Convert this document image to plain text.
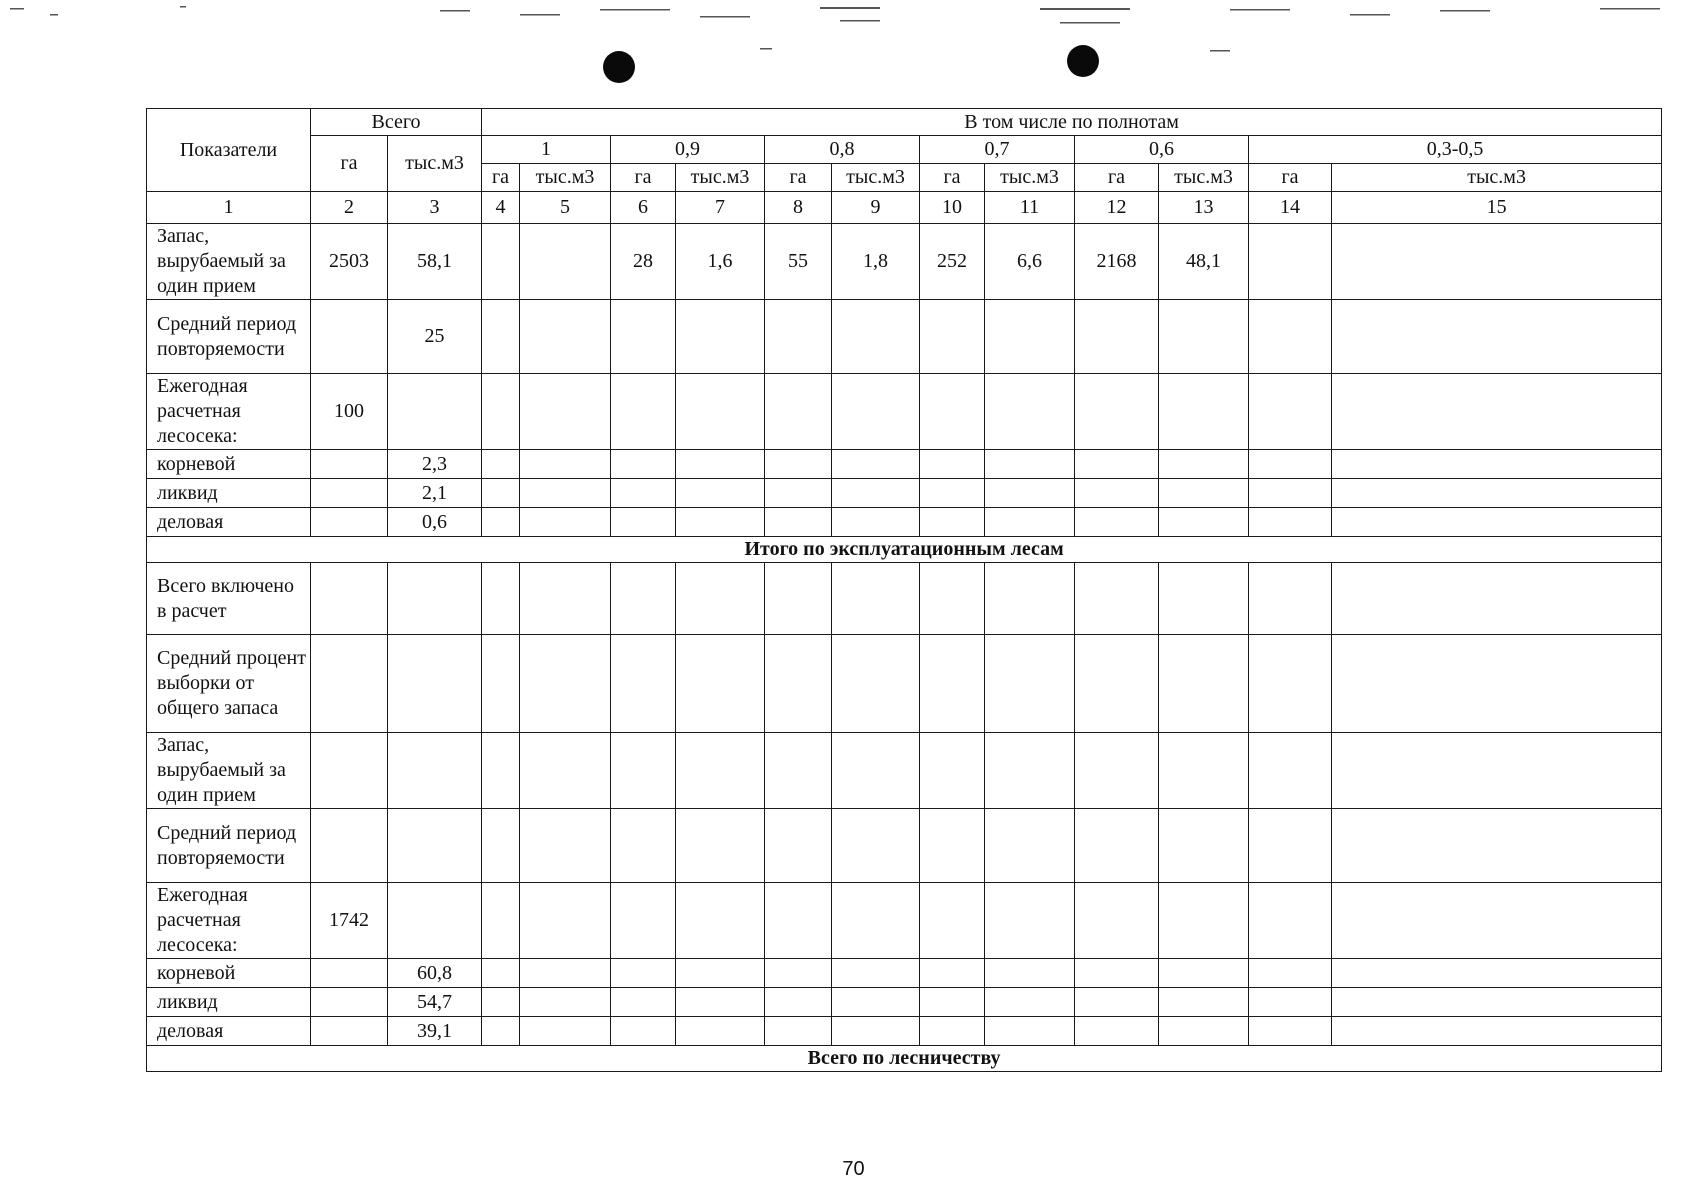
Показатели	Всего		В том числе по полнотам											
	га	тыс.м3	1		0,9		0,8		0,7		0,6		0,3-0,5	
			га	тыс.м3	га	тыс.м3	га	тыс.м3	га	тыс.м3	га	тыс.м3	га	тыс.м3
1	2	3	4	5	6	7	8	9	10	11	12	13	14	15
Запас, вырубаемый за один прием	2503	58,1			28	1,6	55	1,8	252	6,6	2168	48,1		
Средний период повторяемости		25												
Ежегодная расчетная лесосека:	100													
корневой		2,3												
ликвид		2,1												
деловая		0,6												
Итого по эксплуатационным лесам														
Всего включено в расчет														
Средний процент выборки от общего запаса														
Запас, вырубаемый за один прием														
Средний период повторяемости														
Ежегодная расчетная лесосека:	1742													
корневой		60,8												
ликвид		54,7												
деловая		39,1												
Всего по лесничеству														
70
